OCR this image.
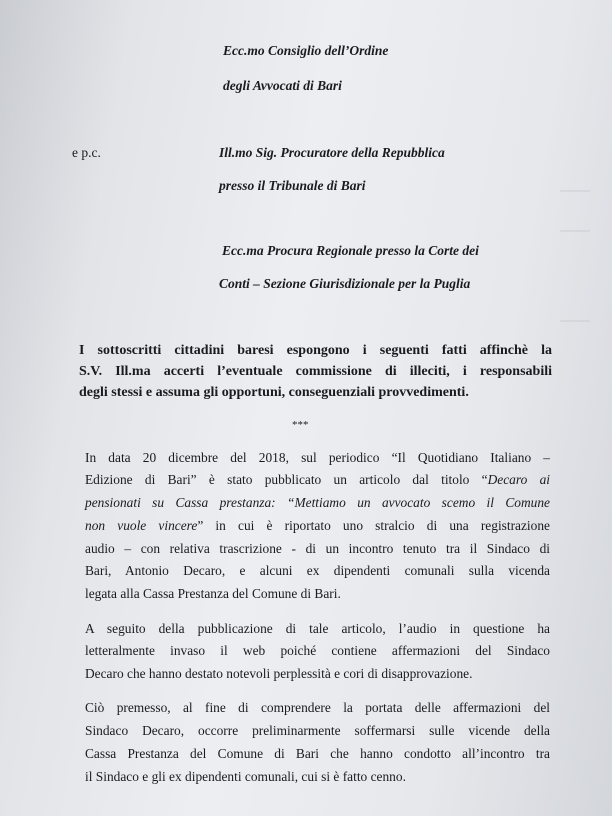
Ecc.mo Consiglio dell’Ordine
degli Avvocati di Bari
e p.c.	Ill.mo Sig. Procuratore della Repubblica
presso il Tribunale di Bari
Ecc.ma Procura Regionale presso la Corte dei
Conti – Sezione Giurisdizionale per la Puglia
I sottoscritti cittadini baresi espongono i seguenti fatti affinchè la
S.V. Ill.ma accerti l’eventuale commissione di illeciti, i responsabili
degli stessi e assuma gli opportuni, conseguenziali provvedimenti.
***
In data 20 dicembre del 2018, sul periodico “Il Quotidiano Italiano –
Edizione di Bari” è stato pubblicato un articolo dal titolo “Decaro ai
pensionati su Cassa prestanza: “Mettiamo un avvocato scemo il Comune
non vuole vincere” in cui è riportato uno stralcio di una registrazione
audio – con relativa trascrizione - di un incontro tenuto tra il Sindaco di
Bari, Antonio Decaro, e alcuni ex dipendenti comunali sulla vicenda
legata alla Cassa Prestanza del Comune di Bari.
A seguito della pubblicazione di tale articolo, l’audio in questione ha
letteralmente invaso il web poiché contiene affermazioni del Sindaco
Decaro che hanno destato notevoli perplessità e cori di disapprovazione.
Ciò premesso, al fine di comprendere la portata delle affermazioni del
Sindaco Decaro, occorre preliminarmente soffermarsi sulle vicende della
Cassa Prestanza del Comune di Bari che hanno condotto all’incontro tra
il Sindaco e gli ex dipendenti comunali, cui si è fatto cenno.
